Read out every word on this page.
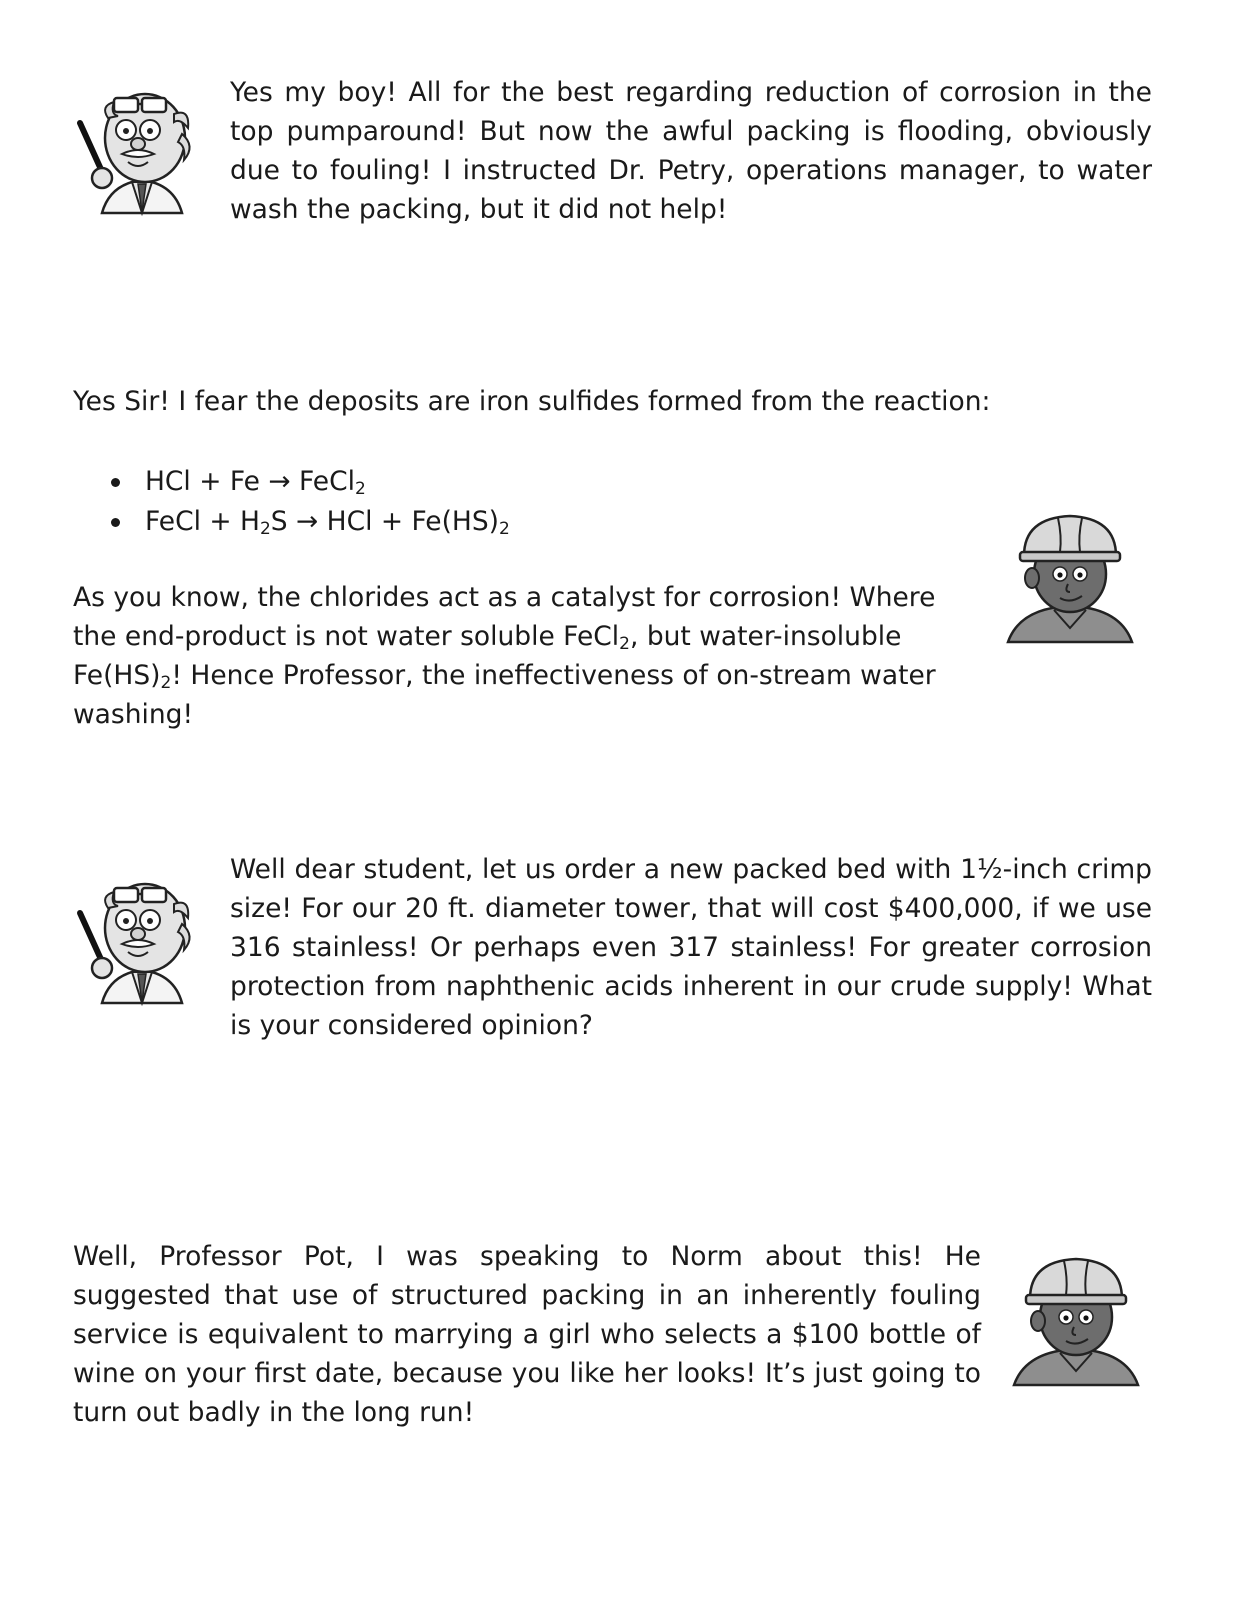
Yes my boy! All for the best regarding reduction of corrosion in the top pumparound! But now the awful packing is flooding, obviously due to fouling! I instructed Dr. Petry, operations manager, to water wash the packing, but it did not help!
Yes Sir! I fear the deposits are iron sulfides formed from the reaction:
HCl + Fe → FeCl$_2$
FeCl + $H_2S$ → HCl + $Fe(HS)_2$

As you know, the chlorides act as a catalyst for corrosion! Where the end-product is not water soluble FeCl$_2$, but water-insoluble $Fe(HS)_2$! Hence Professor, the ineffectiveness of on-stream water washing!

Well dear student, let us order a new packed bed with 1½-inch crimp size! For our 20 ft. diameter tower, that will cost $400,000, if we use 316 stainless! Or perhaps even 317 stainless! For greater corrosion protection from naphthenic acids inherent in our crude supply! What is your considered opinion?
Well, Professor Pot, I was speaking to Norm about this! He suggested that use of structured packing in an inherently fouling service is equivalent to marrying a girl who selects a $100 bottle of wine on your first date, because you like her looks! It’s just going to turn out badly in the long run!
